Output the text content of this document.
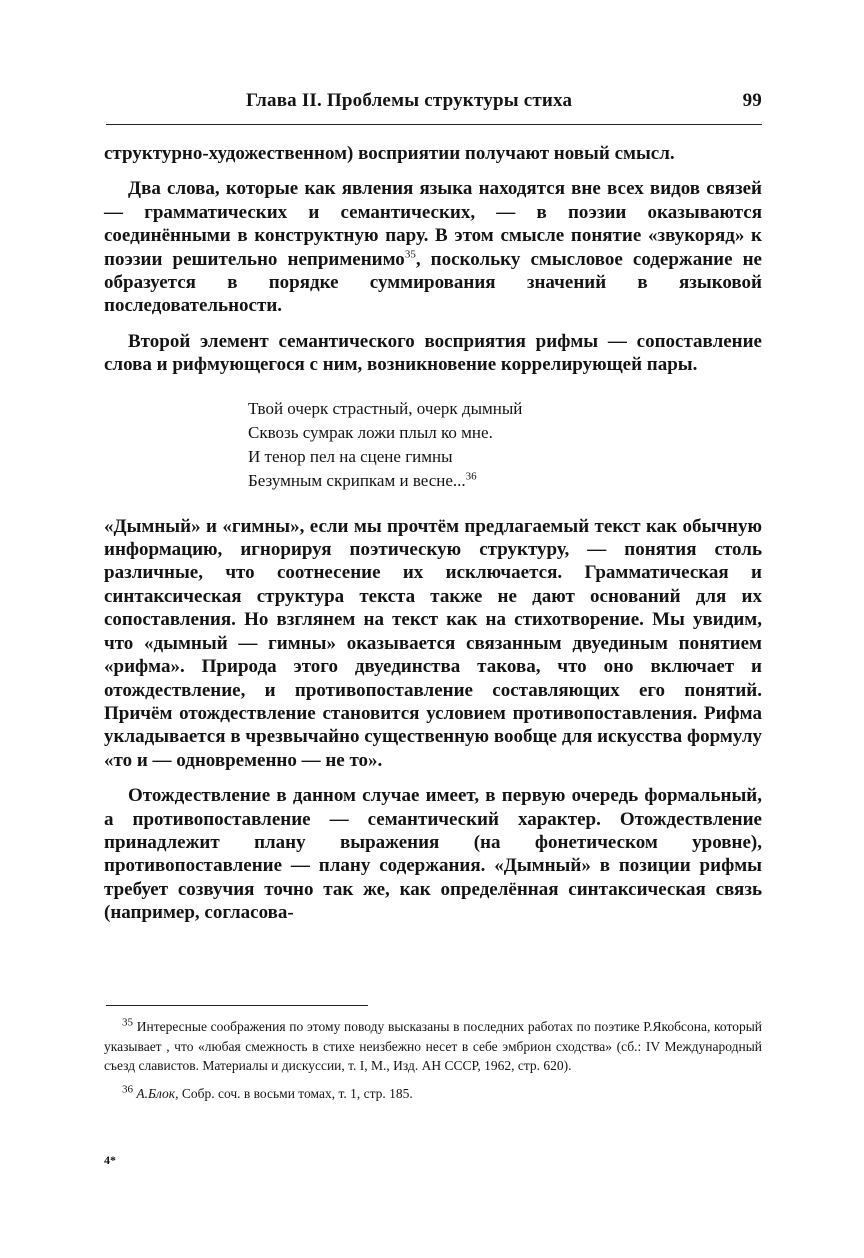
Глава II. Проблемы структуры стиха	99

структурно-художественном) восприятии получают новый смысл.

Два слова, которые как явления языка находятся вне всех видов связей — грамматических и семантических, — в поэзии оказываются соединёнными в конструктную пару. В этом смысле понятие «звукоряд» к поэзии решительно неприменимо$^{35}$, поскольку смысловое содержание не образуется в порядке суммирования значений в языковой последовательности.

Второй элемент семантического восприятия рифмы — сопоставление слова и рифмующегося с ним, возникновение коррелирующей пары.

Твой очерк страстный, очерк дымный
Сквозь сумрак ложи плыл ко мне.
И тенор пел на сцене гимны
Безумным скрипкам и весне...$^{36}$

«Дымный» и «гимны», если мы прочтём предлагаемый текст как обычную информацию, игнорируя поэтическую структуру, — понятия столь различные, что соотнесение их исключается. Грамматическая и синтаксическая структура текста также не дают оснований для их сопоставления. Но взглянем на текст как на стихотворение. Мы увидим, что «дымный — гимны» оказывается связанным двуединым понятием «рифма». Природа этого двуединства такова, что оно включает и отождествление, и противопоставление составляющих его понятий. Причём отождествление становится условием противопоставления. Рифма укладывается в чрезвычайно существенную вообще для искусства формулу «то и — одновременно — не то».

Отождествление в данном случае имеет, в первую очередь формальный, а противопоставление — семантический характер. Отождествление принадлежит плану выражения (на фонетическом уровне), противопоставление — плану содержания. «Дымный» в позиции рифмы требует созвучия точно так же, как определённая синтаксическая связь (например, согласова-

$^{35}$ Интересные соображения по этому поводу высказаны в последних работах по поэтике Р.Якобсона, который указывает , что «любая смежность в стихе неизбежно несет в себе эмбрион сходства» (сб.: IV Международный съезд славистов. Материалы и дискуссии, т. I, М., Изд. АН СССР, 1962, стр. 620).

$^{36}$ А.Блок, Собр. соч. в восьми томах, т. 1, стр. 185.

4*
